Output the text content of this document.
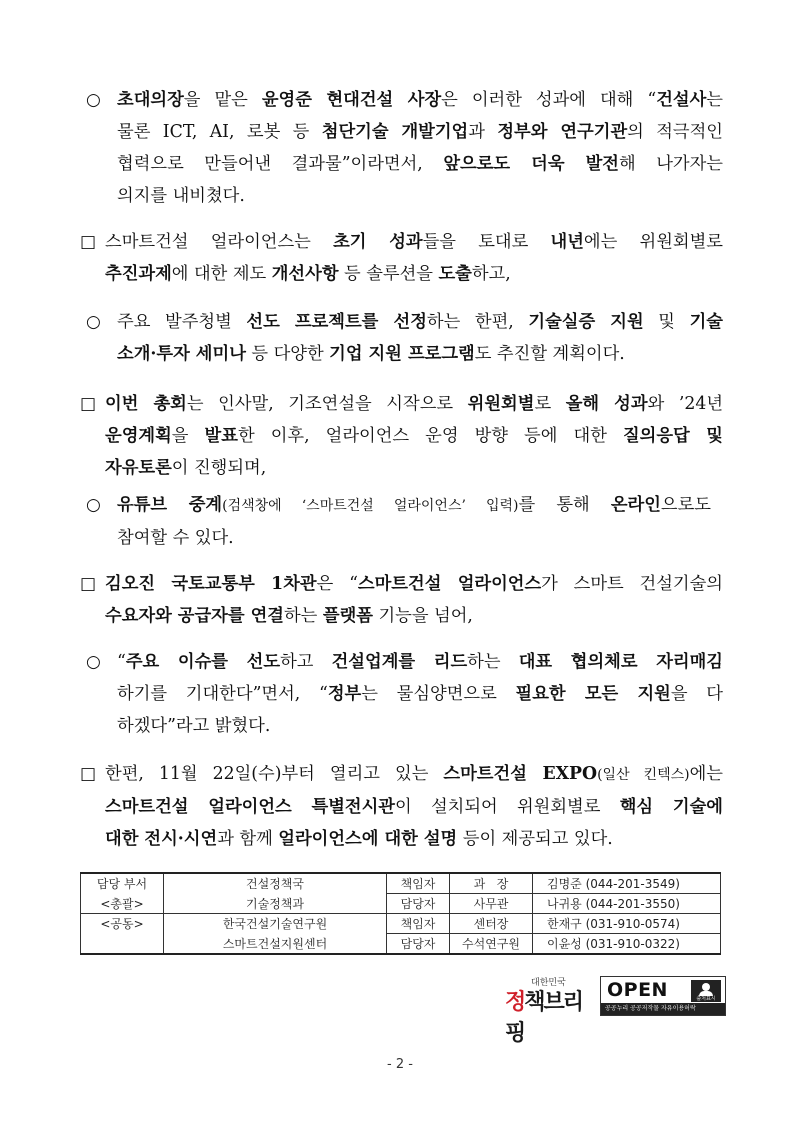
○ 초대의장을 맡은 윤영준 현대건설 사장은 이러한 성과에 대해 “건설사는
물론 ICT, AI, 로봇 등 첨단기술 개발기업과 정부와 연구기관의 적극적인
협력으로 만들어낸 결과물”이라면서, 앞으로도 더욱 발전해 나가자는
의지를 내비쳤다.
□ 스마트건설 얼라이언스는 초기 성과들을 토대로 내년에는 위원회별로
추진과제에 대한 제도 개선사항 등 솔루션을 도출하고,
○ 주요 발주청별 선도 프로젝트를 선정하는 한편, 기술실증 지원 및 기술
소개·투자 세미나 등 다양한 기업 지원 프로그램도 추진할 계획이다.
□ 이번 총회는 인사말, 기조연설을 시작으로 위원회별로 올해 성과와 ’24년
운영계획을 발표한 이후, 얼라이언스 운영 방향 등에 대한 질의응답 및
자유토론이 진행되며,
○ 유튜브 중계(검색창에 ‘스마트건설 얼라이언스’ 입력)를 통해 온라인으로도
참여할 수 있다.
□ 김오진 국토교통부 1차관은 “스마트건설 얼라이언스가 스마트 건설기술의
수요자와 공급자를 연결하는 플랫폼 기능을 넘어,
○ “주요 이슈를 선도하고 건설업계를 리드하는 대표 협의체로 자리매김
하기를 기대한다”면서, “정부는 물심양면으로 필요한 모든 지원을 다
하겠다”라고 밝혔다.
□ 한편, 11월 22일(수)부터 열리고 있는 스마트건설 EXPO(일산 킨텍스)에는
스마트건설 얼라이언스 특별전시관이 설치되어 위원회별로 핵심 기술에
대한 전시·시연과 함께 얼라이언스에 대한 설명 등이 제공되고 있다.
담당 부서	건설정책국	책임자	과   장	김명준 (044-201-3549)
<총괄>	기술정책과	담당자	사무관	나귀용 (044-201-3550)
<공동>	한국건설기술연구원	책임자	센터장	한재구 (031-910-0574)
	스마트건설지원센터	담당자	수석연구원	이윤성 (031-910-0322)
대한민국
정책브리핑
OPEN	출처표시
공공누리 공공저작물 자유이용허락
- 2 -
